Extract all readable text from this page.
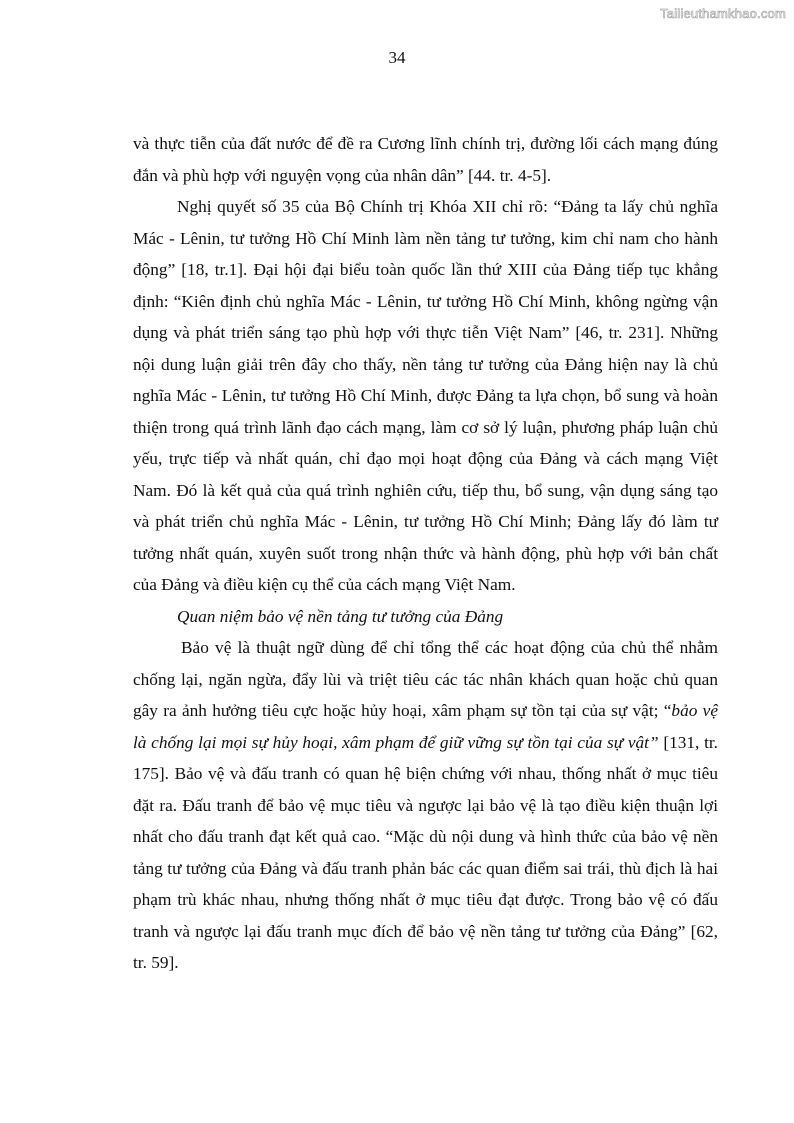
Tailieuthamkhao.com
34

và thực tiễn của đất nước để đề ra Cương lĩnh chính trị, đường lối cách mạng đúng đắn và phù hợp với nguyện vọng của nhân dân” [44. tr. 4-5].

Nghị quyết số 35 của Bộ Chính trị Khóa XII chỉ rõ: “Đảng ta lấy chủ nghĩa Mác - Lênin, tư tưởng Hồ Chí Minh làm nền tảng tư tưởng, kim chỉ nam cho hành động” [18, tr.1]. Đại hội đại biểu toàn quốc lần thứ XIII của Đảng tiếp tục khẳng định: “Kiên định chủ nghĩa Mác - Lênin, tư tưởng Hồ Chí Minh, không ngừng vận dụng và phát triển sáng tạo phù hợp với thực tiễn Việt Nam” [46, tr. 231]. Những nội dung luận giải trên đây cho thấy, nền tảng tư tưởng của Đảng hiện nay là chủ nghĩa Mác - Lênin, tư tưởng Hồ Chí Minh, được Đảng ta lựa chọn, bổ sung và hoàn thiện trong quá trình lãnh đạo cách mạng, làm cơ sở lý luận, phương pháp luận chủ yếu, trực tiếp và nhất quán, chỉ đạo mọi hoạt động của Đảng và cách mạng Việt Nam. Đó là kết quả của quá trình nghiên cứu, tiếp thu, bổ sung, vận dụng sáng tạo và phát triển chủ nghĩa Mác - Lênin, tư tưởng Hồ Chí Minh; Đảng lấy đó làm tư tưởng nhất quán, xuyên suốt trong nhận thức và hành động, phù hợp với bản chất của Đảng và điều kiện cụ thể của cách mạng Việt Nam.

Quan niệm bảo vệ nền tảng tư tưởng của Đảng

Bảo vệ là thuật ngữ dùng để chỉ tổng thể các hoạt động của chủ thể nhằm chống lại, ngăn ngừa, đẩy lùi và triệt tiêu các tác nhân khách quan hoặc chủ quan gây ra ảnh hưởng tiêu cực hoặc hủy hoại, xâm phạm sự tồn tại của sự vật; “bảo vệ là chống lại mọi sự hủy hoại, xâm phạm để giữ vững sự tồn tại của sự vật” [131, tr. 175]. Bảo vệ và đấu tranh có quan hệ biện chứng với nhau, thống nhất ở mục tiêu đặt ra. Đấu tranh để bảo vệ mục tiêu và ngược lại bảo vệ là tạo điều kiện thuận lợi nhất cho đấu tranh đạt kết quả cao. “Mặc dù nội dung và hình thức của bảo vệ nền tảng tư tưởng của Đảng và đấu tranh phản bác các quan điểm sai trái, thù địch là hai phạm trù khác nhau, nhưng thống nhất ở mục tiêu đạt được. Trong bảo vệ có đấu tranh và ngược lại đấu tranh mục đích để bảo vệ nền tảng tư tưởng của Đảng” [62, tr. 59].
